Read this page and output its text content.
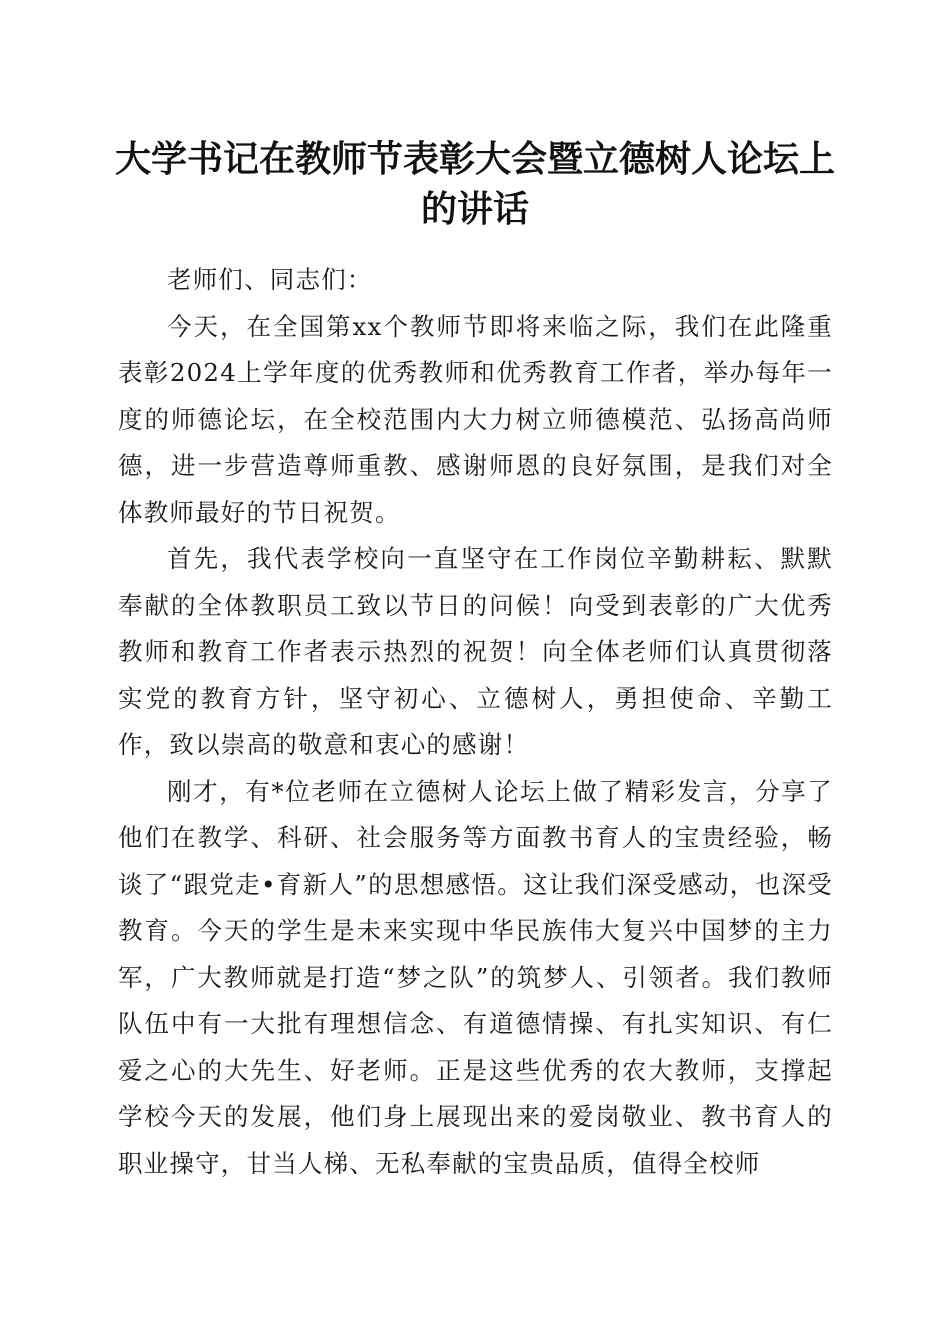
大学书记在教师节表彰大会暨立德树人论坛上
的讲话

老师们、同志们：

今天，在全国第xx个教师节即将来临之际，我们在此隆重表彰2024上学年度的优秀教师和优秀教育工作者，举办每年一度的师德论坛，在全校范围内大力树立师德模范、弘扬高尚师德，进一步营造尊师重教、感谢师恩的良好氛围，是我们对全体教师最好的节日祝贺。

首先，我代表学校向一直坚守在工作岗位辛勤耕耘、默默奉献的全体教职员工致以节日的问候！向受到表彰的广大优秀教师和教育工作者表示热烈的祝贺！向全体老师们认真贯彻落实党的教育方针，坚守初心、立德树人，勇担使命、辛勤工作，致以崇高的敬意和衷心的感谢！

刚才，有*位老师在立德树人论坛上做了精彩发言，分享了他们在教学、科研、社会服务等方面教书育人的宝贵经验，畅谈了“跟党走•育新人”的思想感悟。这让我们深受感动，也深受教育。今天的学生是未来实现中华民族伟大复兴中国梦的主力军，广大教师就是打造“梦之队”的筑梦人、引领者。我们教师队伍中有一大批有理想信念、有道德情操、有扎实知识、有仁爱之心的大先生、好老师。正是这些优秀的农大教师，支撑起学校今天的发展，他们身上展现出来的爱岗敬业、教书育人的职业操守，甘当人梯、无私奉献的宝贵品质，值得全校师
